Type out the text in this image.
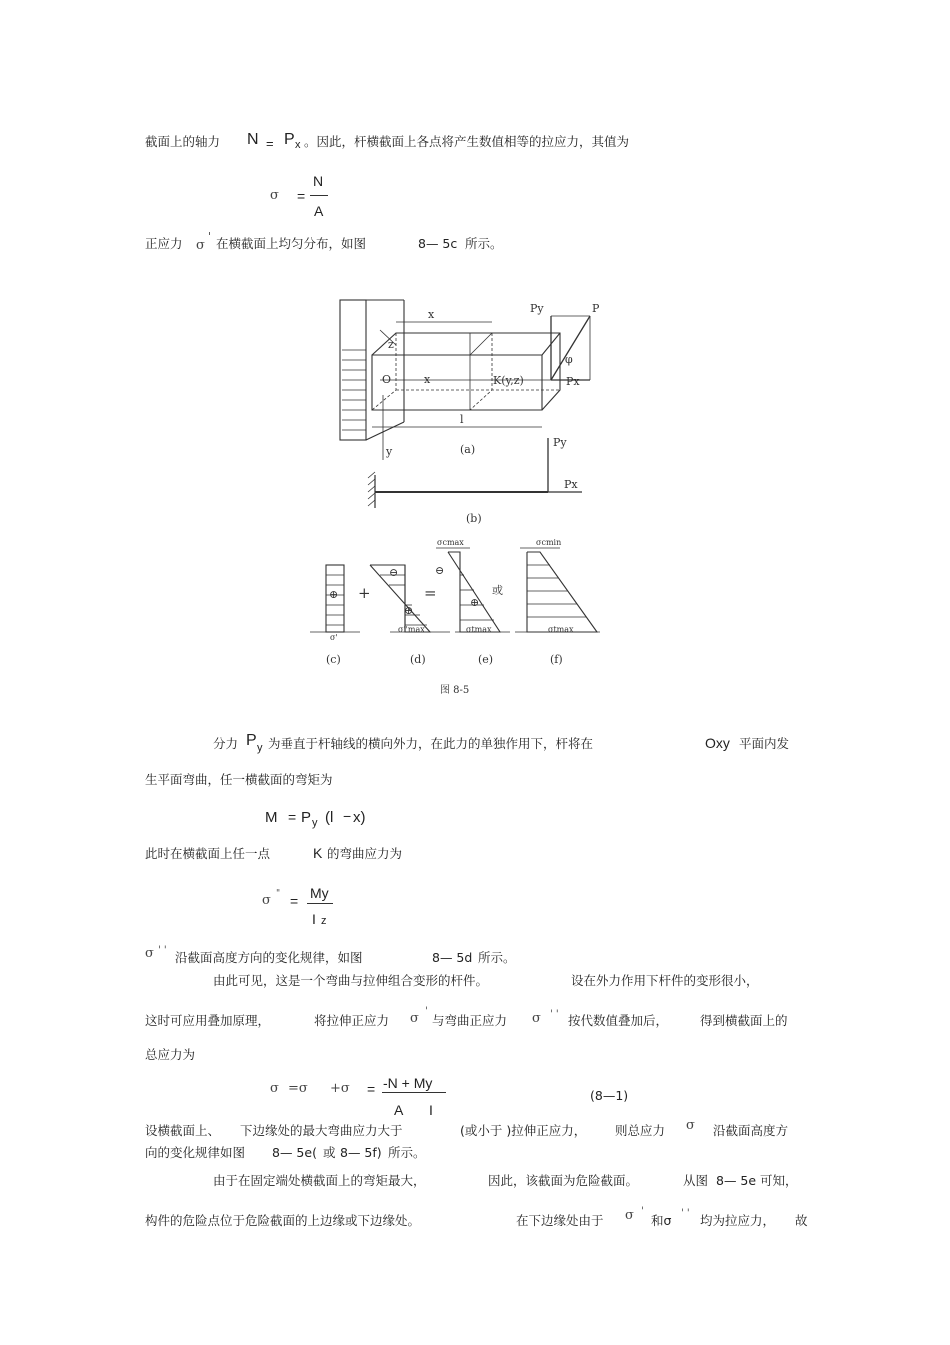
截面上的轴力 N = P x 。因此，杆横截面上各点将产生数值相等的拉应力，其值为
σ =
N
A
正应力 σ
' 在横截面上均匀分布，如图	8— 5c 所示。
x
z
O	x	K(y,z)
l
y	(a)
Py	P
φ
Px
Py
Px
(b)
⊕ +
⊖
⊕
=
⊖
⊕
或
σcmax	σcmin
σ'
σ''max	σtmax	σtmax
(c)	(d)	(e)	(f)
图 8-5
分力 P y 为垂直于杆轴线的横向外力，在此力的单独作用下，杆将在	Oxy 平面内发
生平面弯曲，任一横截面的弯矩为
M = P y (l − x)
此时在横截面上任一点	K 的弯曲应力为
σ " = My
I z
σ ' ' 沿截面高度方向的变化规律，如图	8— 5d 所示。
由此可见，这是一个弯曲与拉伸组合变形的杆件。	设在外力作用下杆件的变形很小，
这时可应用叠加原理，	将拉伸正应力 σ '
与弯曲正应力 σ ' ' 按代数值叠加后，	得到横截面上的
总应力为
σ =σ +σ = -N + My
A I
(8—1)
设横截面上、 下边缘处的最大弯曲应力大于	(或小于 )拉伸正应力， 则总应力 σ 沿截面高度方
向的变化规律如图 8— 5e( 或 8— 5f) 所示。
由于在固定端处横截面上的弯矩最大，	因此，该截面为危险截面。	从图 8— 5e 可知，
构件的危险点位于危险截面的上边缘或下边缘处。	在下边缘处由于 σ '
和σ ' ' 均为拉应力， 故
